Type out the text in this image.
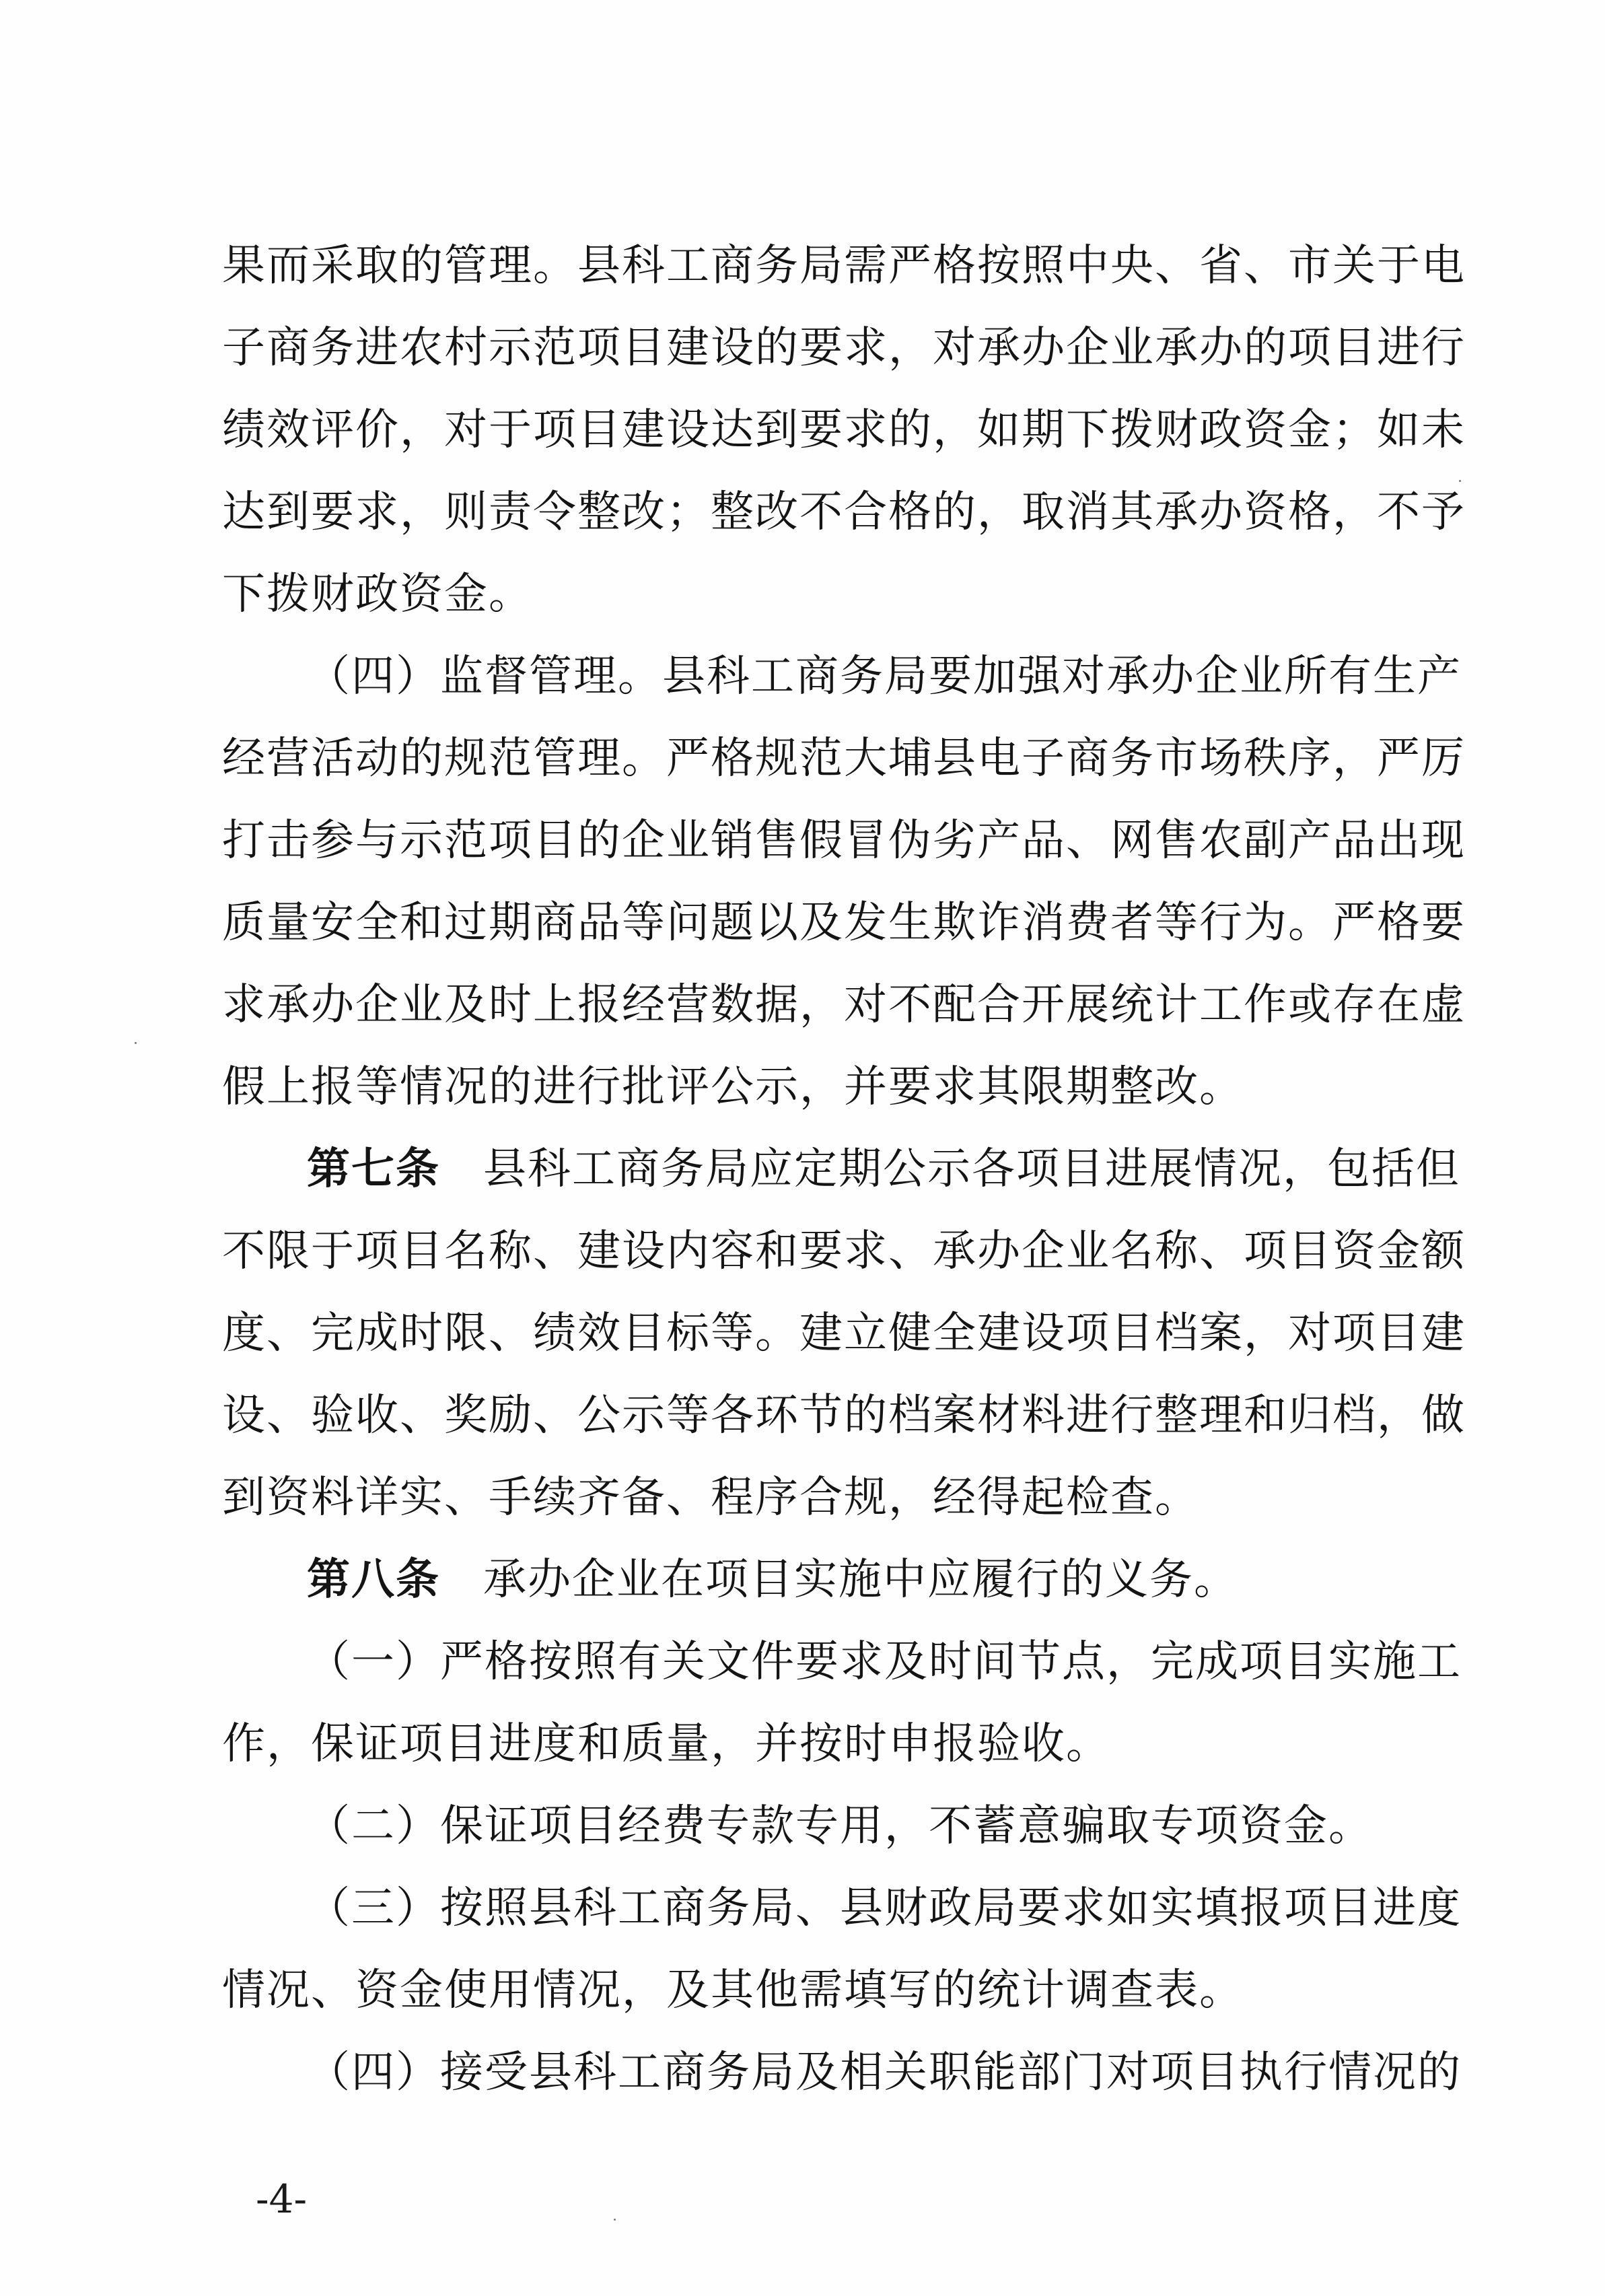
果而采取的管理。县科工商务局需严格按照中央、省、市关于电
子商务进农村示范项目建设的要求，对承办企业承办的项目进行
绩效评价，对于项目建设达到要求的，如期下拨财政资金；如未
达到要求，则责令整改；整改不合格的，取消其承办资格，不予
下拨财政资金。
（四）监督管理。县科工商务局要加强对承办企业所有生产
经营活动的规范管理。严格规范大埔县电子商务市场秩序，严厉
打击参与示范项目的企业销售假冒伪劣产品、网售农副产品出现
质量安全和过期商品等问题以及发生欺诈消费者等行为。严格要
求承办企业及时上报经营数据，对不配合开展统计工作或存在虚
假上报等情况的进行批评公示，并要求其限期整改。
第七条 县科工商务局应定期公示各项目进展情况，包括但
不限于项目名称、建设内容和要求、承办企业名称、项目资金额
度、完成时限、绩效目标等。建立健全建设项目档案，对项目建
设、验收、奖励、公示等各环节的档案材料进行整理和归档，做
到资料详实、手续齐备、程序合规，经得起检查。
第八条 承办企业在项目实施中应履行的义务。
（一）严格按照有关文件要求及时间节点，完成项目实施工
作，保证项目进度和质量，并按时申报验收。
（二）保证项目经费专款专用，不蓄意骗取专项资金。
（三）按照县科工商务局、县财政局要求如实填报项目进度
情况、资金使用情况，及其他需填写的统计调查表。
（四）接受县科工商务局及相关职能部门对项目执行情况的
-4-
